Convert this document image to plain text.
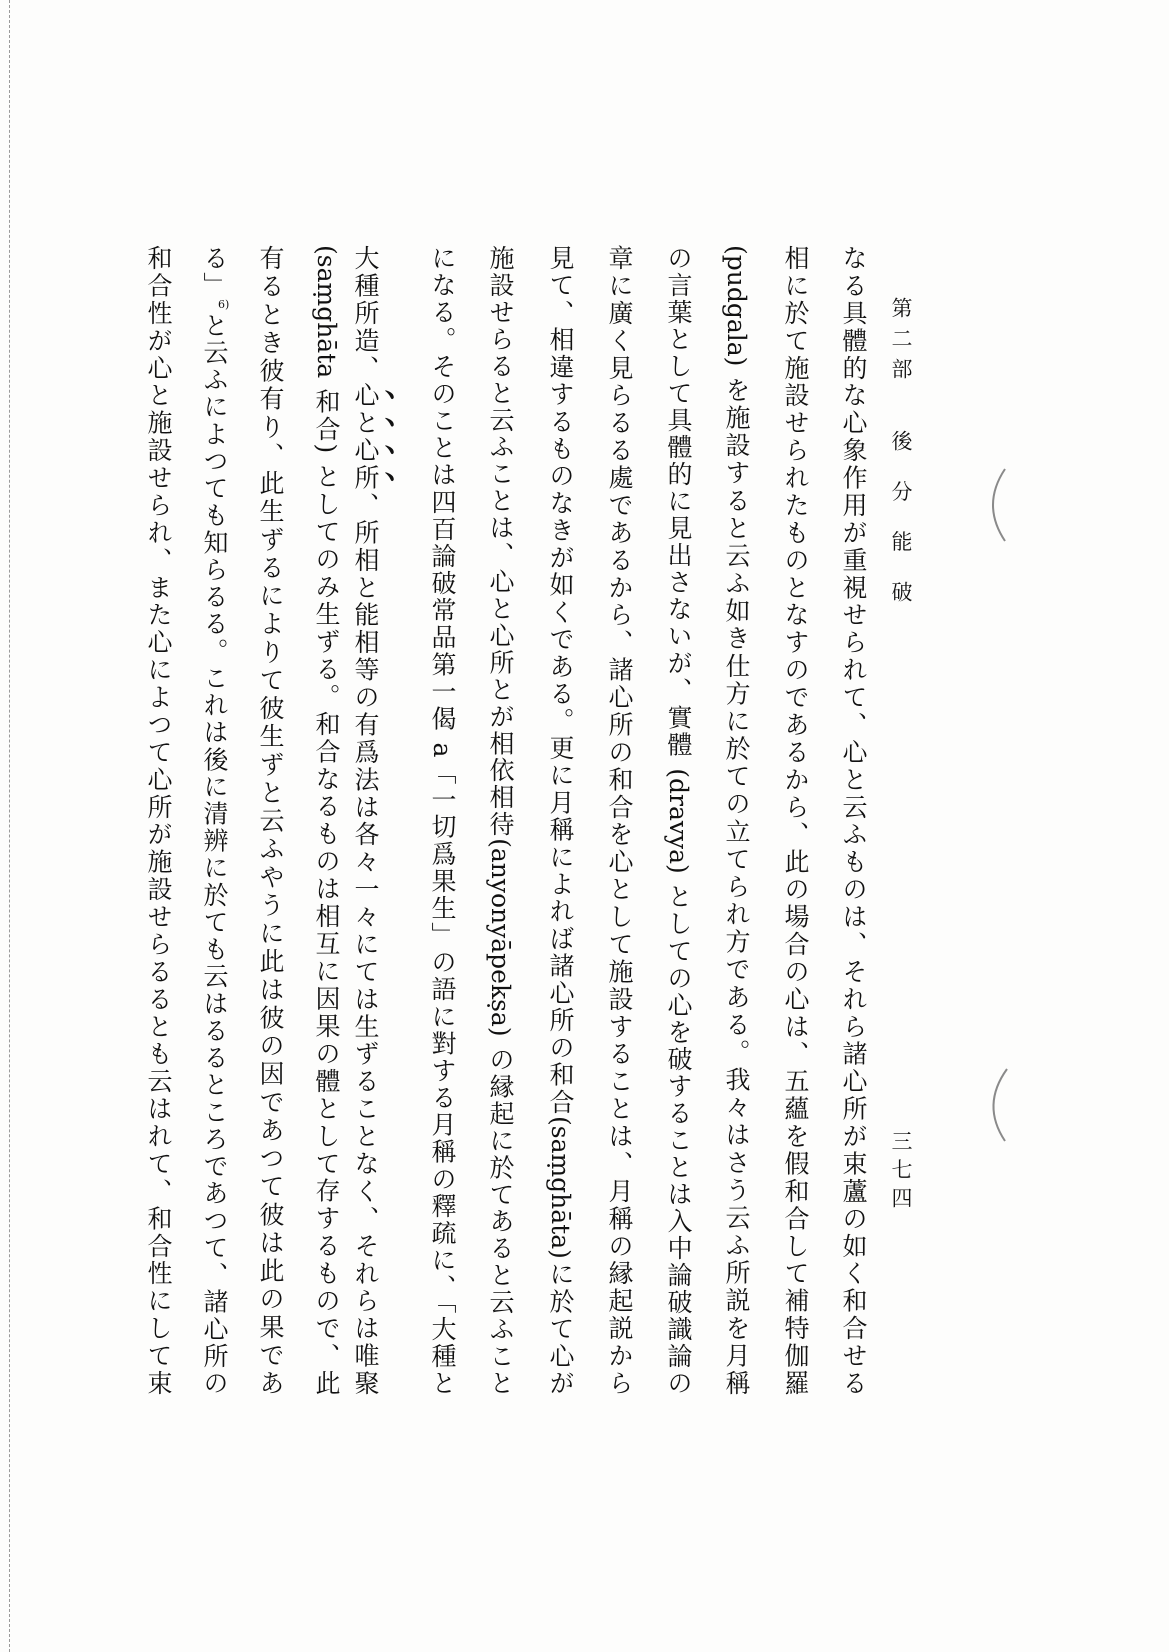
第二部
後分能破
三七四
なる具體的な心象作用が重視せられて、心と云ふものは、それら諸心所が束蘆の如く和合せる
相に於て施設せられたものとなすのであるから、此の場合の心は、五蘊を假和合して補特伽羅
(pudgala) を施設すると云ふ如き仕方に於ての立てられ方である。我々はさう云ふ所説を月稱
の言葉として具體的に見出さないが、實體 (dravya) としての心を破することは入中論破識論の
章に廣く見らるる處であるから、諸心所の和合を心として施設することは、月稱の縁起説から
見て、相違するものなきが如くである。更に月稱によれば諸心所の和合(saṃghāta)に於て心が
施設せらると云ふことは、心と心所とが相依相待(anyonyāpekṣa) の縁起に於てあると云ふこと
になる。そのことは四百論破常品第一偈 a「一切爲果生」の語に對する月稱の釋疏に、「大種と
大種所造、心と心所、所相と能相等の有爲法は各々一々にては生ずることなく、それらは唯聚
(saṃghāta 和合) としてのみ生ずる。和合なるものは相互に因果の體として存するもので、此
有るとき彼有り、此生ずるによりて彼生ずと云ふやうに此は彼の因であつて彼は此の果であ
る」6)と云ふによつても知らるる。これは後に清辨に於ても云はるるところであつて、諸心所の
和合性が心と施設せられ、また心によつて心所が施設せらるるとも云はれて、和合性にして束
